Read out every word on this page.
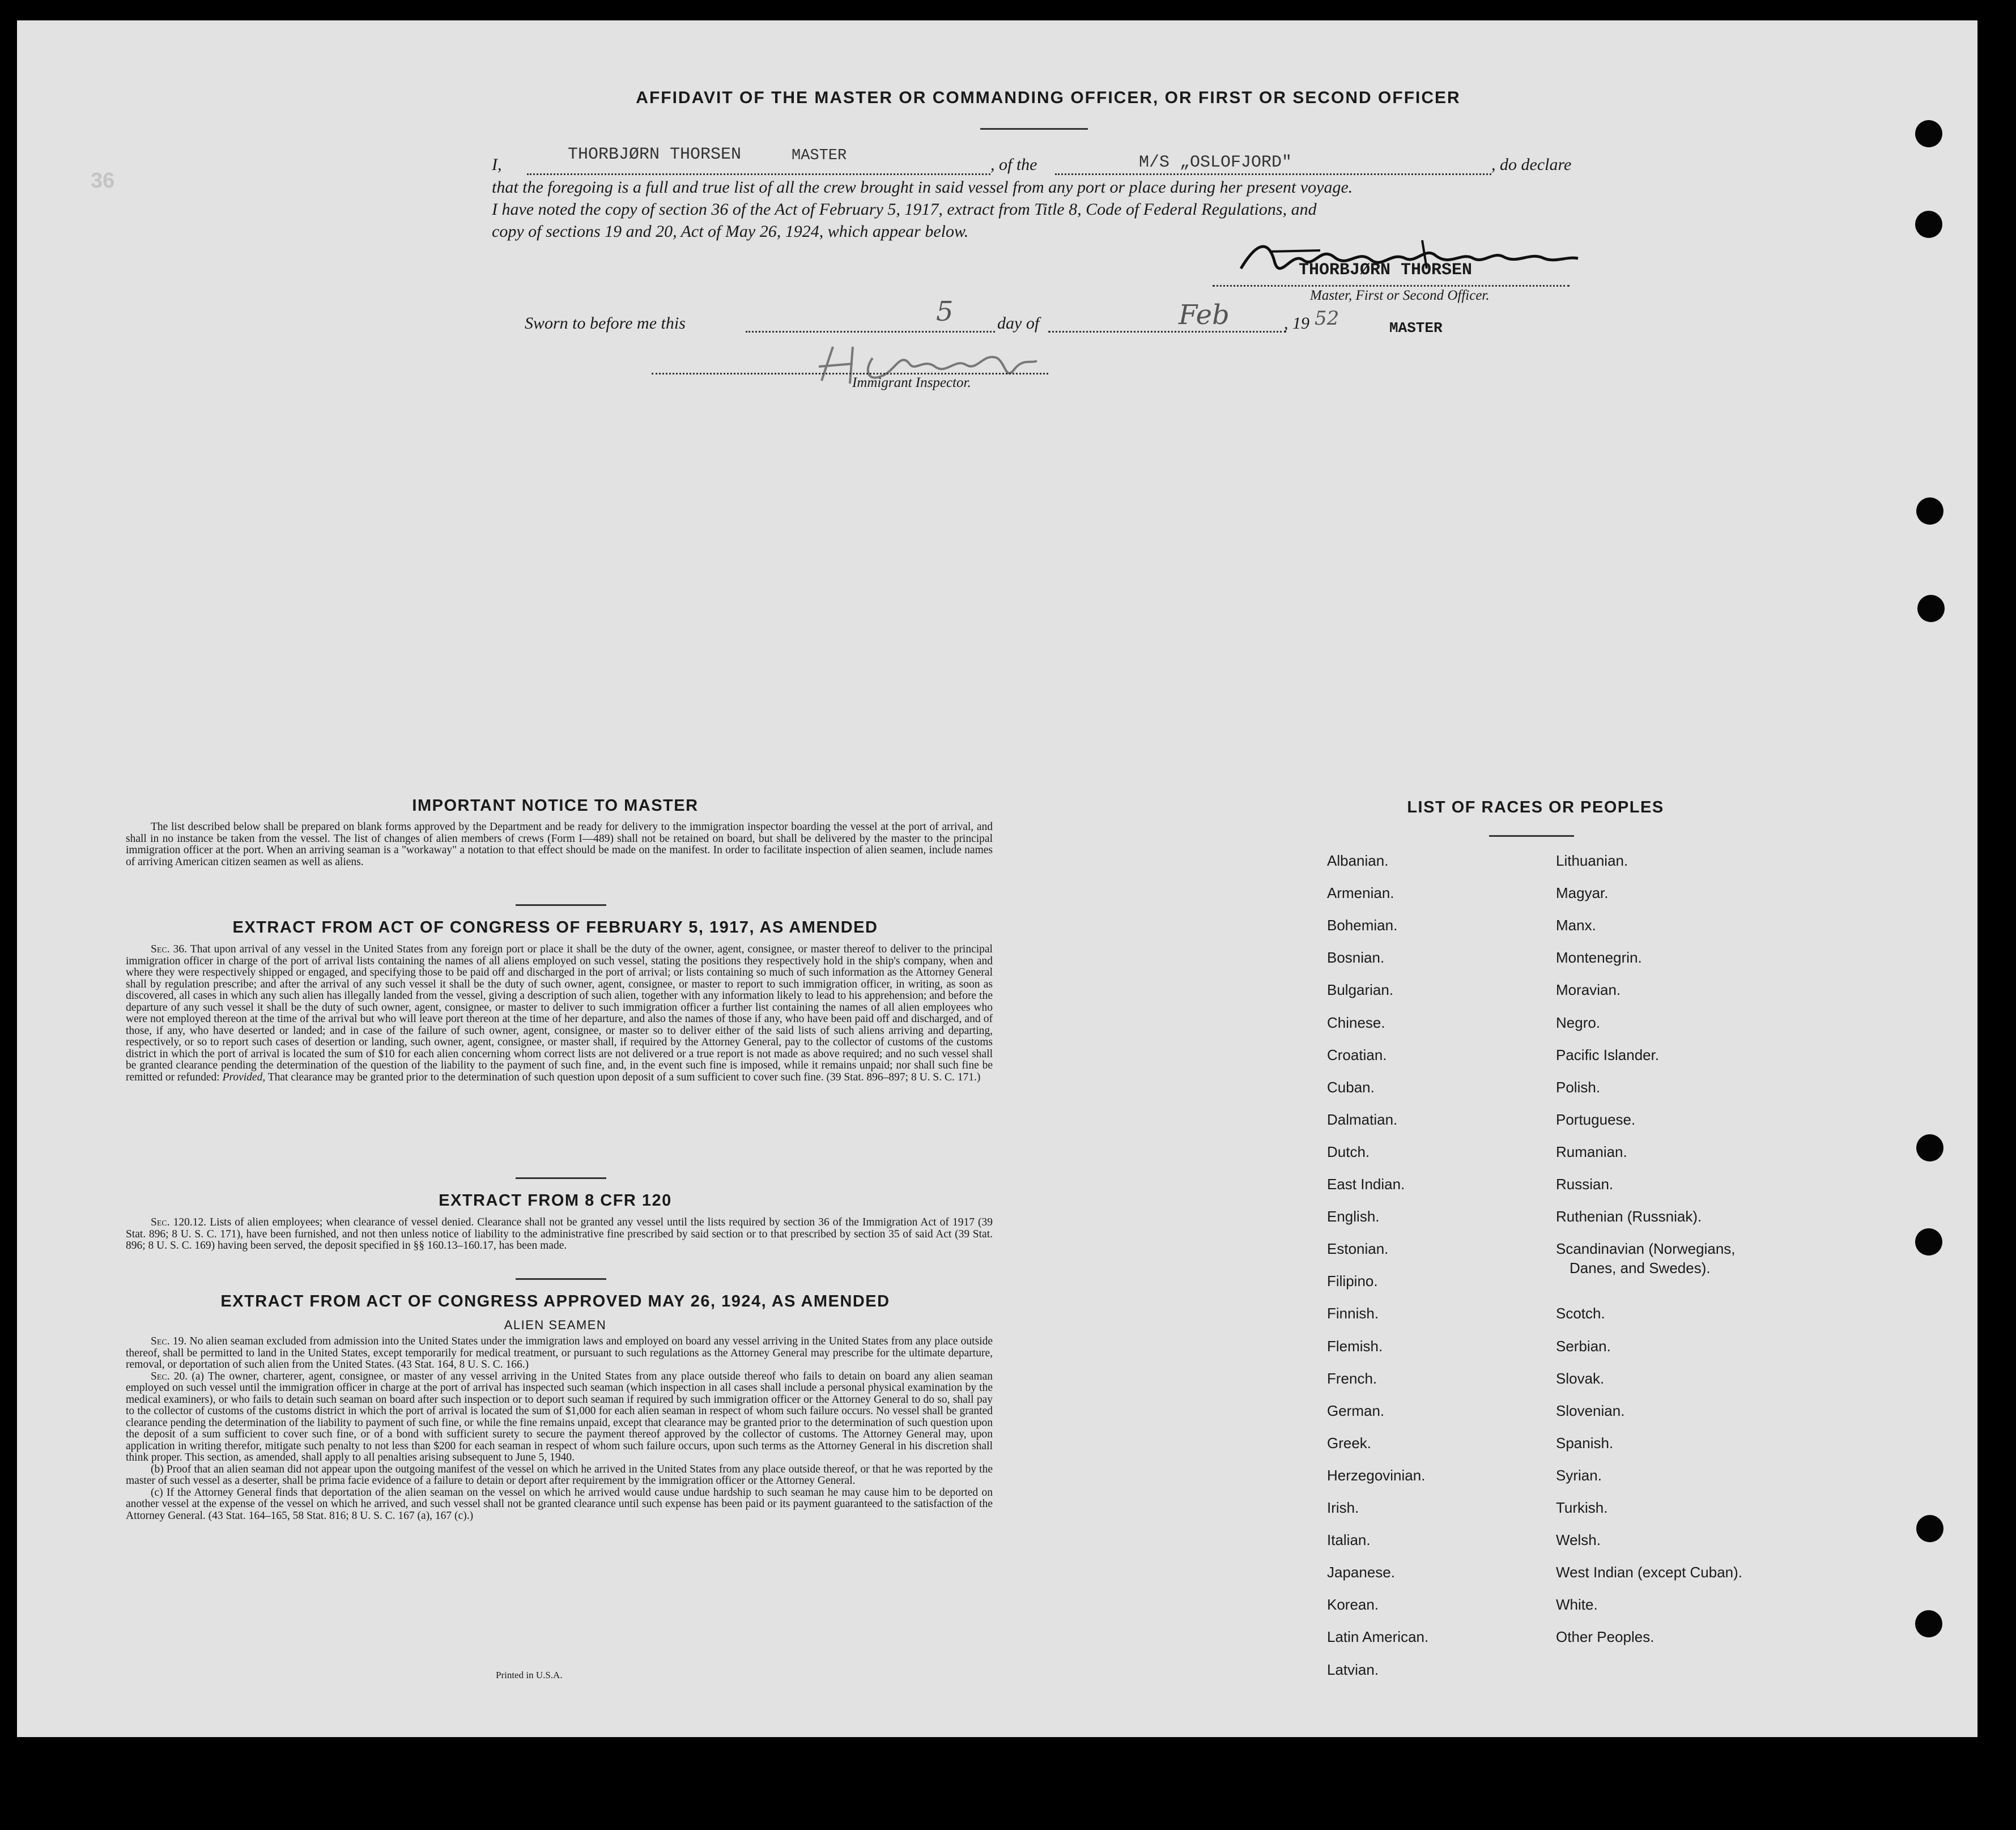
36
AFFIDAVIT OF THE MASTER OR COMMANDING OFFICER, OR FIRST OR SECOND OFFICER
I,
THORBJØRN THORSEN	MASTER	, of the	M/S „OSLOFJORD"	, do declare
that the foregoing is a full and true list of all the crew brought in said vessel from any port or place during her present voyage.
I have noted the copy of section 36 of the Act of February 5, 1917, extract from Title 8, Code of Federal Regulations, and
copy of sections 19 and 20, Act of May 26, 1924, which appear below.
THORBJØRN THORSEN
Master, First or Second Officer.
Sworn to before me this	5	day of	Feb	, 19 52	MASTER
Immigrant Inspector.
IMPORTANT NOTICE TO MASTER

The list described below shall be prepared on blank forms approved by the Department and be ready for delivery to the immigration inspector boarding the vessel at the port of arrival, and shall in no instance be taken from the vessel. The list of changes of alien members of crews (Form I—489) shall not be retained on board, but shall be delivered by the master to the principal immigration officer at the port. When an arriving seaman is a "workaway" a notation to that effect should be made on the manifest. In order to facilitate inspection of alien seamen, include names of arriving American citizen seamen as well as aliens.

EXTRACT FROM ACT OF CONGRESS OF FEBRUARY 5, 1917, AS AMENDED

Sec. 36. That upon arrival of any vessel in the United States from any foreign port or place it shall be the duty of the owner, agent, consignee, or master thereof to deliver to the principal immigration officer in charge of the port of arrival lists containing the names of all aliens employed on such vessel, stating the positions they respectively hold in the ship's company, when and where they were respectively shipped or engaged, and specifying those to be paid off and discharged in the port of arrival; or lists containing so much of such information as the Attorney General shall by regulation prescribe; and after the arrival of any such vessel it shall be the duty of such owner, agent, consignee, or master to report to such immigration officer, in writing, as soon as discovered, all cases in which any such alien has illegally landed from the vessel, giving a description of such alien, together with any information likely to lead to his apprehension; and before the departure of any such vessel it shall be the duty of such owner, agent, consignee, or master to deliver to such immigration officer a further list containing the names of all alien employees who were not employed thereon at the time of the arrival but who will leave port thereon at the time of her departure, and also the names of those if any, who have been paid off and discharged, and of those, if any, who have deserted or landed; and in case of the failure of such owner, agent, consignee, or master so to deliver either of the said lists of such aliens arriving and departing, respectively, or so to report such cases of desertion or landing, such owner, agent, consignee, or master shall, if required by the Attorney General, pay to the collector of customs of the customs district in which the port of arrival is located the sum of $10 for each alien concerning whom correct lists are not delivered or a true report is not made as above required; and no such vessel shall be granted clearance pending the determination of the question of the liability to the payment of such fine, and, in the event such fine is imposed, while it remains unpaid; nor shall such fine be remitted or refunded: Provided, That clearance may be granted prior to the determination of such question upon deposit of a sum sufficient to cover such fine. (39 Stat. 896–897; 8 U. S. C. 171.)

EXTRACT FROM 8 CFR 120

Sec. 120.12. Lists of alien employees; when clearance of vessel denied. Clearance shall not be granted any vessel until the lists required by section 36 of the Immigration Act of 1917 (39 Stat. 896; 8 U. S. C. 171), have been furnished, and not then unless notice of liability to the administrative fine prescribed by said section or to that prescribed by section 35 of said Act (39 Stat. 896; 8 U. S. C. 169) having been served, the deposit specified in §§ 160.13–160.17, has been made.

EXTRACT FROM ACT OF CONGRESS APPROVED MAY 26, 1924, AS AMENDED
ALIEN SEAMEN

Sec. 19. No alien seaman excluded from admission into the United States under the immigration laws and employed on board any vessel arriving in the United States from any place outside thereof, shall be permitted to land in the United States, except temporarily for medical treatment, or pursuant to such regulations as the Attorney General may prescribe for the ultimate departure, removal, or deportation of such alien from the United States. (43 Stat. 164, 8 U. S. C. 166.)

Sec. 20. (a) The owner, charterer, agent, consignee, or master of any vessel arriving in the United States from any place outside thereof who fails to detain on board any alien seaman employed on such vessel until the immigration officer in charge at the port of arrival has inspected such seaman (which inspection in all cases shall include a personal physical examination by the medical examiners), or who fails to detain such seaman on board after such inspection or to deport such seaman if required by such immigration officer or the Attorney General to do so, shall pay to the collector of customs of the customs district in which the port of arrival is located the sum of $1,000 for each alien seaman in respect of whom such failure occurs. No vessel shall be granted clearance pending the determination of the liability to payment of such fine, or while the fine remains unpaid, except that clearance may be granted prior to the determination of such question upon the deposit of a sum sufficient to cover such fine, or of a bond with sufficient surety to secure the payment thereof approved by the collector of customs. The Attorney General may, upon application in writing therefor, mitigate such penalty to not less than $200 for each seaman in respect of whom such failure occurs, upon such terms as the Attorney General in his discretion shall think proper. This section, as amended, shall apply to all penalties arising subsequent to June 5, 1940.

(b) Proof that an alien seaman did not appear upon the outgoing manifest of the vessel on which he arrived in the United States from any place outside thereof, or that he was reported by the master of such vessel as a deserter, shall be prima facie evidence of a failure to detain or deport after requirement by the immigration officer or the Attorney General.

(c) If the Attorney General finds that deportation of the alien seaman on the vessel on which he arrived would cause undue hardship to such seaman he may cause him to be deported on another vessel at the expense of the vessel on which he arrived, and such vessel shall not be granted clearance until such expense has been paid or its payment guaranteed to the satisfaction of the Attorney General. (43 Stat. 164–165, 58 Stat. 816; 8 U. S. C. 167 (a), 167 (c).)

Printed in U.S.A.
LIST OF RACES OR PEOPLES
Albanian.
Armenian.
Bohemian.
Bosnian.
Bulgarian.
Chinese.
Croatian.
Cuban.
Dalmatian.
Dutch.
East Indian.
English.
Estonian.
Filipino.
Finnish.
Flemish.
French.
German.
Greek.
Herzegovinian.
Irish.
Italian.
Japanese.
Korean.
Latin American.
Latvian.
Lithuanian.
Magyar.
Manx.
Montenegrin.
Moravian.
Negro.
Pacific Islander.
Polish.
Portuguese.
Rumanian.
Russian.
Ruthenian (Russniak).
Scandinavian (Norwegians,
Danes, and Swedes).
Scotch.
Serbian.
Slovak.
Slovenian.
Spanish.
Syrian.
Turkish.
Welsh.
West Indian (except Cuban).
White.
Other Peoples.
